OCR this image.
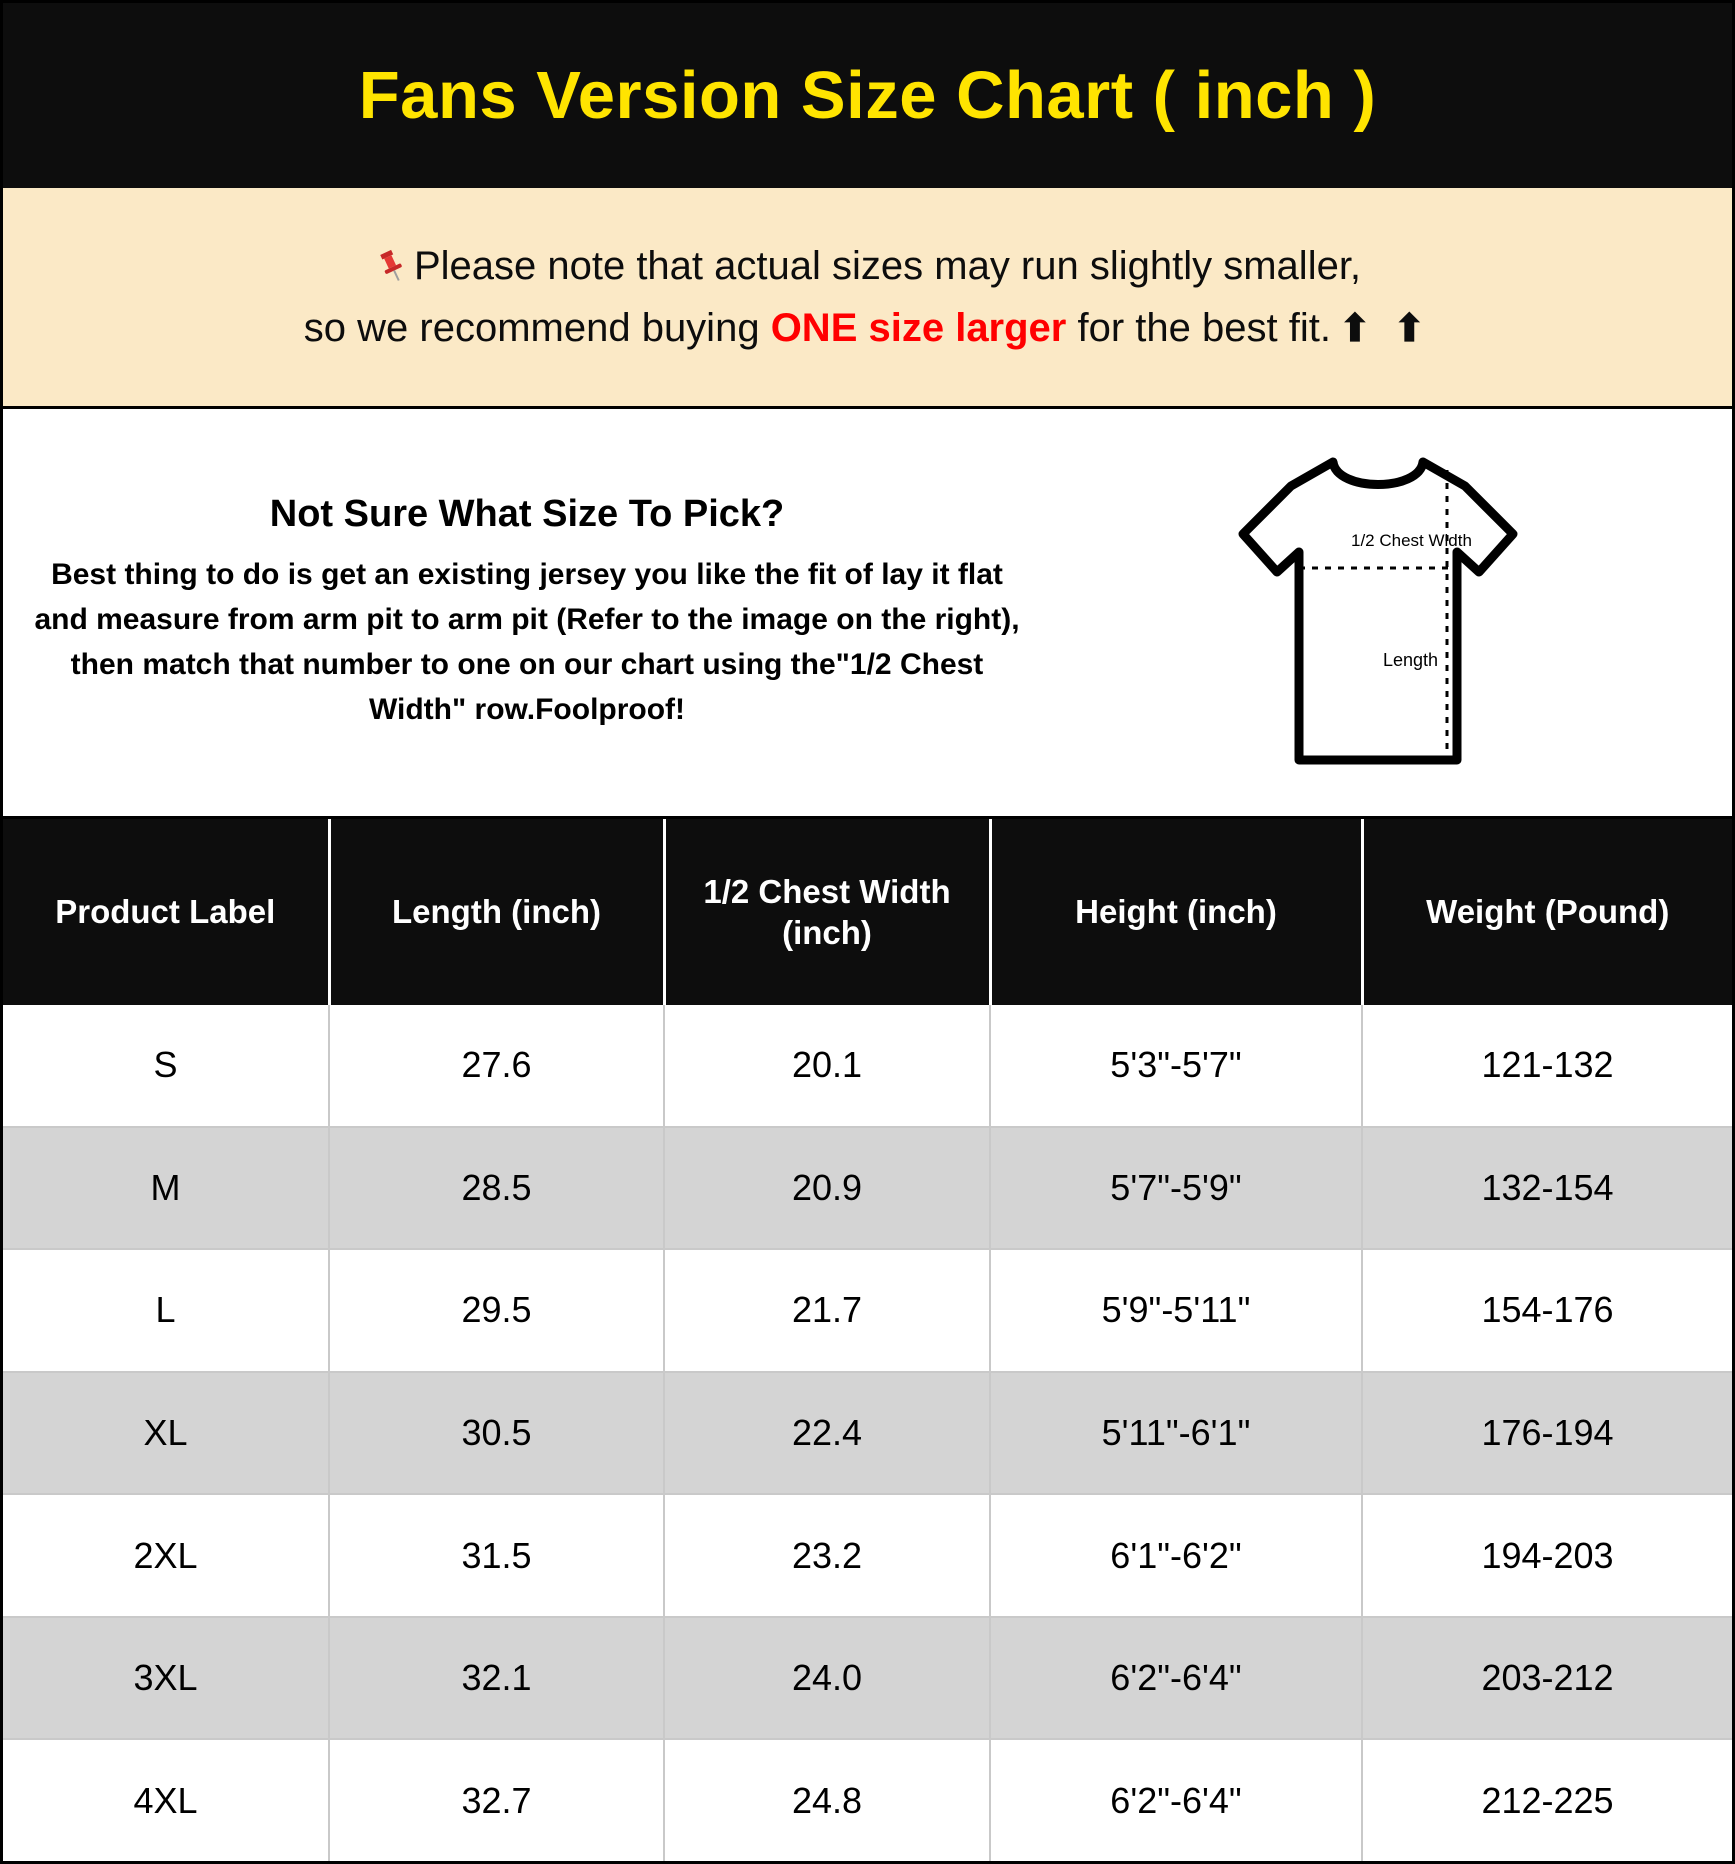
Fans Version Size Chart ( inch )
Please note that actual sizes may run slightly smaller,
so we recommend buying ONE size larger for the best fit. ⬆ ⬆
Not Sure What Size To Pick?
Best thing to do is get an existing jersey you like the fit of lay it flat and measure from arm pit to arm pit (Refer to the image on the right), then match that number to one on our chart using the"1/2 Chest Width" row.Foolproof!
1/2 Chest Width
Length
Product Label	Length (inch)	1/2 Chest Width (inch)	Height (inch)	Weight (Pound)
S	27.6	20.1	5'3"-5'7"	121-132
M	28.5	20.9	5'7"-5'9"	132-154
L	29.5	21.7	5'9"-5'11"	154-176
XL	30.5	22.4	5'11"-6'1"	176-194
2XL	31.5	23.2	6'1"-6'2"	194-203
3XL	32.1	24.0	6'2"-6'4"	203-212
4XL	32.7	24.8	6'2"-6'4"	212-225
